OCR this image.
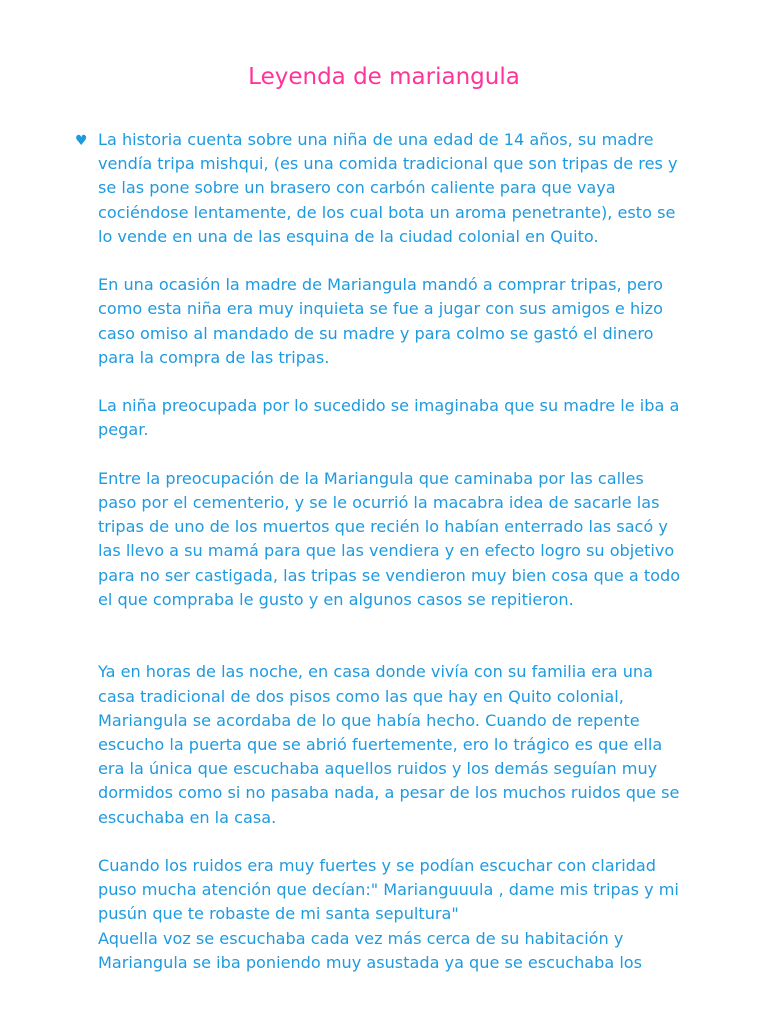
Leyenda de mariangula
♥ La historia cuenta sobre una niña de una edad de 14 años, su madre
vendía tripa mishqui, (es una comida tradicional que son tripas de res y
se las pone sobre un brasero con carbón caliente para que vaya
cociéndose lentamente, de los cual bota un aroma penetrante), esto se
lo vende en una de las esquina de la ciudad colonial en Quito.

En una ocasión la madre de Mariangula mandó a comprar tripas, pero
como esta niña era muy inquieta se fue a jugar con sus amigos e hizo
caso omiso al mandado de su madre y para colmo se gastó el dinero
para la compra de las tripas.

La niña preocupada por lo sucedido se imaginaba que su madre le iba a
pegar.

Entre la preocupación de la Mariangula que caminaba por las calles
paso por el cementerio, y se le ocurrió la macabra idea de sacarle las
tripas de uno de los muertos que recién lo habían enterrado las sacó y
las llevo a su mamá para que las vendiera y en efecto logro su objetivo
para no ser castigada, las tripas se vendieron muy bien cosa que a todo
el que compraba le gusto y en algunos casos se repitieron.

Ya en horas de las noche, en casa donde vivía con su familia era una
casa tradicional de dos pisos como las que hay en Quito colonial,
Mariangula se acordaba de lo que había hecho. Cuando de repente
escucho la puerta que se abrió fuertemente, ero lo trágico es que ella
era la única que escuchaba aquellos ruidos y los demás seguían muy
dormidos como si no pasaba nada, a pesar de los muchos ruidos que se
escuchaba en la casa.

Cuando los ruidos era muy fuertes y se podían escuchar con claridad
puso mucha atención que decían:" Marianguuula , dame mis tripas y mi
pusún que te robaste de mi santa sepultura"
Aquella voz se escuchaba cada vez más cerca de su habitación y
Mariangula se iba poniendo muy asustada ya que se escuchaba los
